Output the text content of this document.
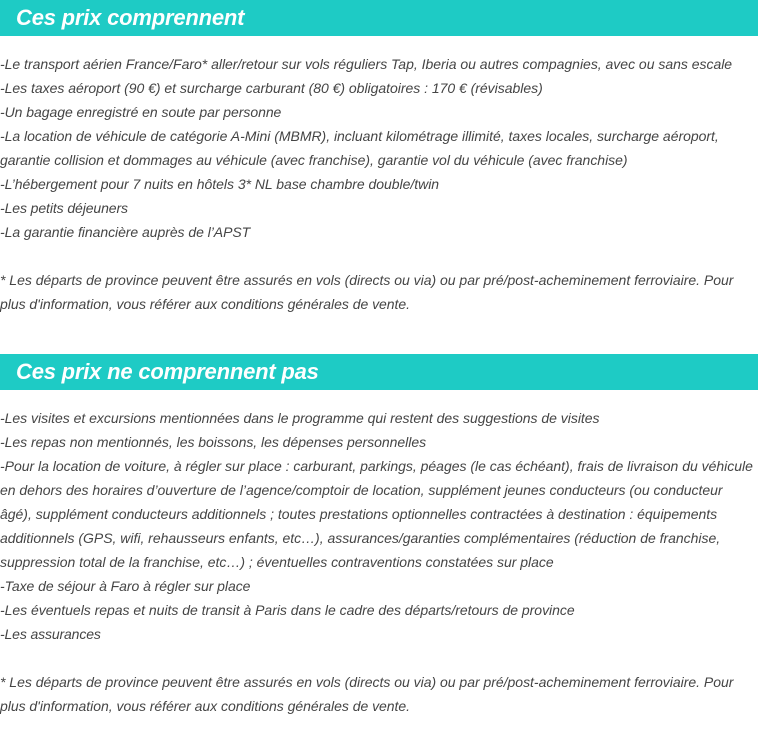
Ces prix comprennent
-Le transport aérien France/Faro* aller/retour sur vols réguliers Tap, Iberia ou autres compagnies, avec ou sans escale
-Les taxes aéroport (90 €) et surcharge carburant (80 €) obligatoires : 170 € (révisables)
-Un bagage enregistré en soute par personne
-La location de véhicule de catégorie A-Mini (MBMR), incluant kilométrage illimité, taxes locales, surcharge aéroport,
garantie collision et dommages au véhicule (avec franchise), garantie vol du véhicule (avec franchise)
-L’hébergement pour 7 nuits en hôtels 3* NL base chambre double/twin
-Les petits déjeuners
-La garantie financière auprès de l’APST
* Les départs de province peuvent être assurés en vols (directs ou via) ou par pré/post-acheminement ferroviaire. Pour
plus d'information, vous référer aux conditions générales de vente.
Ces prix ne comprennent pas
-Les visites et excursions mentionnées dans le programme qui restent des suggestions de visites
-Les repas non mentionnés, les boissons, les dépenses personnelles
-Pour la location de voiture, à régler sur place : carburant, parkings, péages (le cas échéant), frais de livraison du véhicule
en dehors des horaires d’ouverture de l’agence/comptoir de location, supplément jeunes conducteurs (ou conducteur
âgé), supplément conducteurs additionnels ; toutes prestations optionnelles contractées à destination : équipements
additionnels (GPS, wifi, rehausseurs enfants, etc…), assurances/garanties complémentaires (réduction de franchise,
suppression total de la franchise, etc…) ; éventuelles contraventions constatées sur place
-Taxe de séjour à Faro à régler sur place
-Les éventuels repas et nuits de transit à Paris dans le cadre des départs/retours de province
-Les assurances
* Les départs de province peuvent être assurés en vols (directs ou via) ou par pré/post-acheminement ferroviaire. Pour
plus d'information, vous référer aux conditions générales de vente.
